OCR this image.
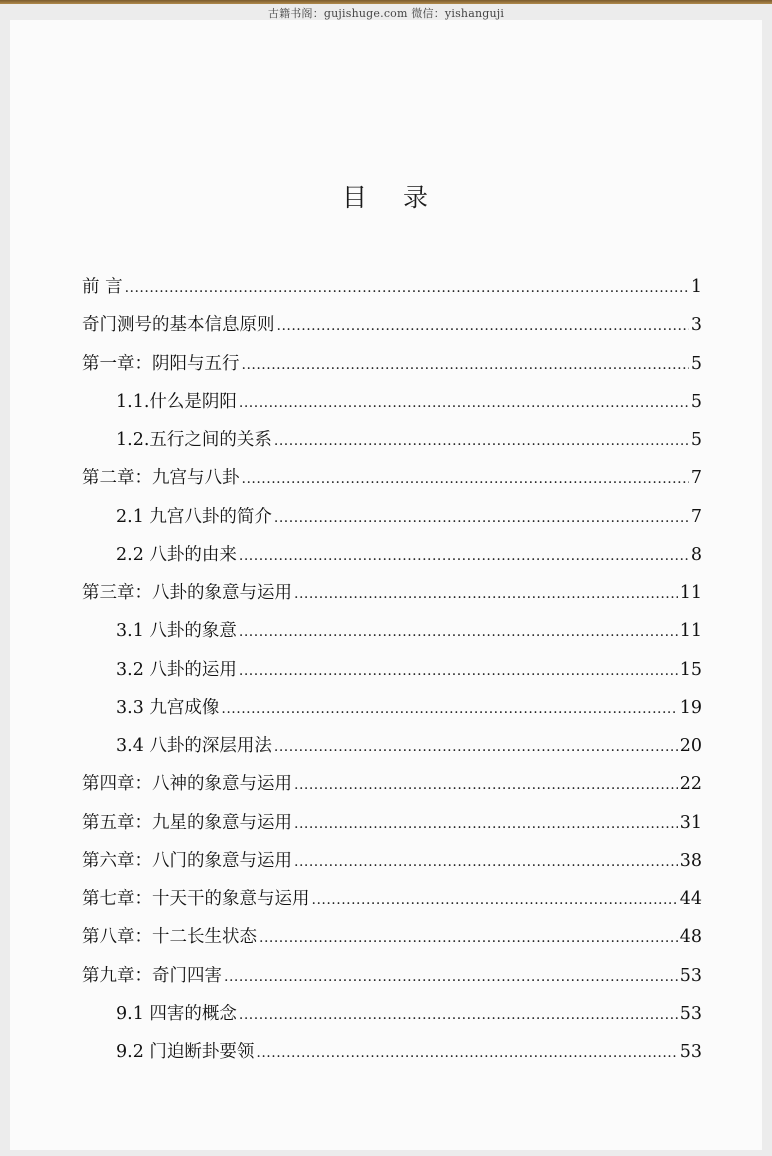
古籍书阁：gujishuge.com 微信：yishanguji
目 录
前 言 .....	1
奇门测号的基本信息原则 .....	3
第一章：阴阳与五行 .....	5
1.1.什么是阴阳 .....	5
1.2.五行之间的关系 .....	5
第二章：九宫与八卦 .....	7
2.1 九宫八卦的简介 .....	7
2.2 八卦的由来 .....	8
第三章：八卦的象意与运用 .....	11
3.1 八卦的象意 .....	11
3.2 八卦的运用 .....	15
3.3 九宫成像 .....	19
3.4 八卦的深层用法 .....	20
第四章：八神的象意与运用 .....	22
第五章：九星的象意与运用 .....	31
第六章：八门的象意与运用 .....	38
第七章：十天干的象意与运用 .....	44
第八章：十二长生状态 .....	48
第九章：奇门四害 .....	53
9.1 四害的概念 .....	53
9.2 门迫断卦要领 .....	53
